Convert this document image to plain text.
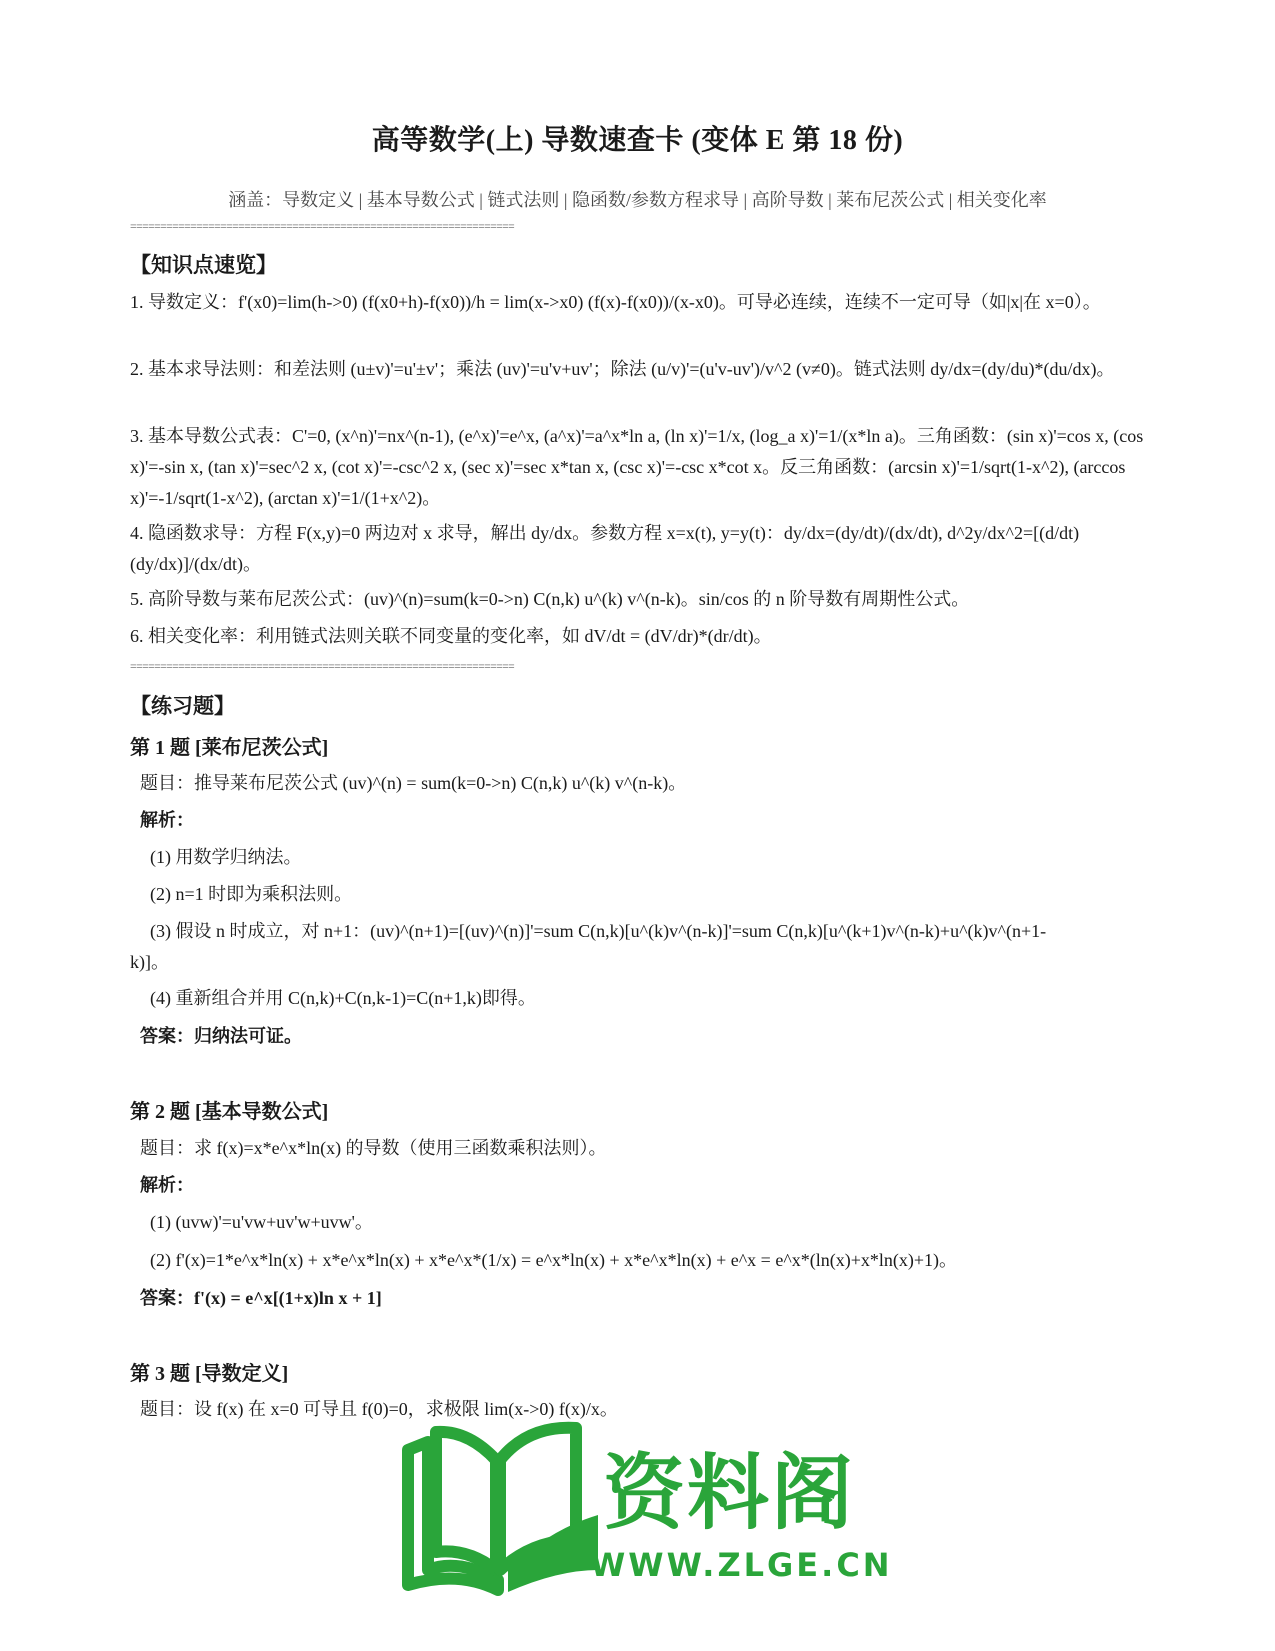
高等数学(上) 导数速查卡 (变体 E 第 18 份)
涵盖：导数定义 | 基本导数公式 | 链式法则 | 隐函数/参数方程求导 | 高阶导数 | 莱布尼茨公式 | 相关变化率
================================================================
【知识点速览】
1. 导数定义：f'(x0)=lim(h->0) (f(x0+h)-f(x0))/h = lim(x->x0) (f(x)-f(x0))/(x-x0)。可导必连续，连续不一定可导（如|x|在 x=0）。
2. 基本求导法则：和差法则 (u±v)'=u'±v'；乘法 (uv)'=u'v+uv'；除法 (u/v)'=(u'v-uv')/v^2 (v≠0)。链式法则 dy/dx=(dy/du)*(du/dx)。
3. 基本导数公式表：C'=0, (x^n)'=nx^(n-1), (e^x)'=e^x, (a^x)'=a^x*ln a, (ln x)'=1/x, (log_a x)'=1/(x*ln a)。三角函数：(sin x)'=cos x, (cos x)'=-sin x, (tan x)'=sec^2 x, (cot x)'=-csc^2 x, (sec x)'=sec x*tan x, (csc x)'=-csc x*cot x。反三角函数：(arcsin x)'=1/sqrt(1-x^2), (arccos x)'=-1/sqrt(1-x^2), (arctan x)'=1/(1+x^2)。
4. 隐函数求导：方程 F(x,y)=0 两边对 x 求导，解出 dy/dx。参数方程 x=x(t), y=y(t)：dy/dx=(dy/dt)/(dx/dt), d^2y/dx^2=[(d/dt)(dy/dx)]/(dx/dt)。
5. 高阶导数与莱布尼茨公式：(uv)^(n)=sum(k=0->n) C(n,k) u^(k) v^(n-k)。sin/cos 的 n 阶导数有周期性公式。
6. 相关变化率：利用链式法则关联不同变量的变化率，如 dV/dt = (dV/dr)*(dr/dt)。
================================================================
【练习题】
第 1 题 [莱布尼茨公式]
题目：推导莱布尼茨公式 (uv)^(n) = sum(k=0->n) C(n,k) u^(k) v^(n-k)。
解析：
(1) 用数学归纳法。
(2) n=1 时即为乘积法则。
(3) 假设 n 时成立，对 n+1：(uv)^(n+1)=[(uv)^(n)]'=sum C(n,k)[u^(k)v^(n-k)]'=sum C(n,k)[u^(k+1)v^(n-k)+u^(k)v^(n+1-k)]。
(4) 重新组合并用 C(n,k)+C(n,k-1)=C(n+1,k)即得。
答案：归纳法可证。
第 2 题 [基本导数公式]
题目：求 f(x)=x*e^x*ln(x) 的导数（使用三函数乘积法则）。
解析：
(1) (uvw)'=u'vw+uv'w+uvw'。
(2) f'(x)=1*e^x*ln(x) + x*e^x*ln(x) + x*e^x*(1/x) = e^x*ln(x) + x*e^x*ln(x) + e^x = e^x*(ln(x)+x*ln(x)+1)。
答案：f'(x) = e^x[(1+x)ln x + 1]
第 3 题 [导数定义]
题目：设 f(x) 在 x=0 可导且 f(0)=0，求极限 lim(x->0) f(x)/x。
资料阁
WWW.ZLGE.CN
